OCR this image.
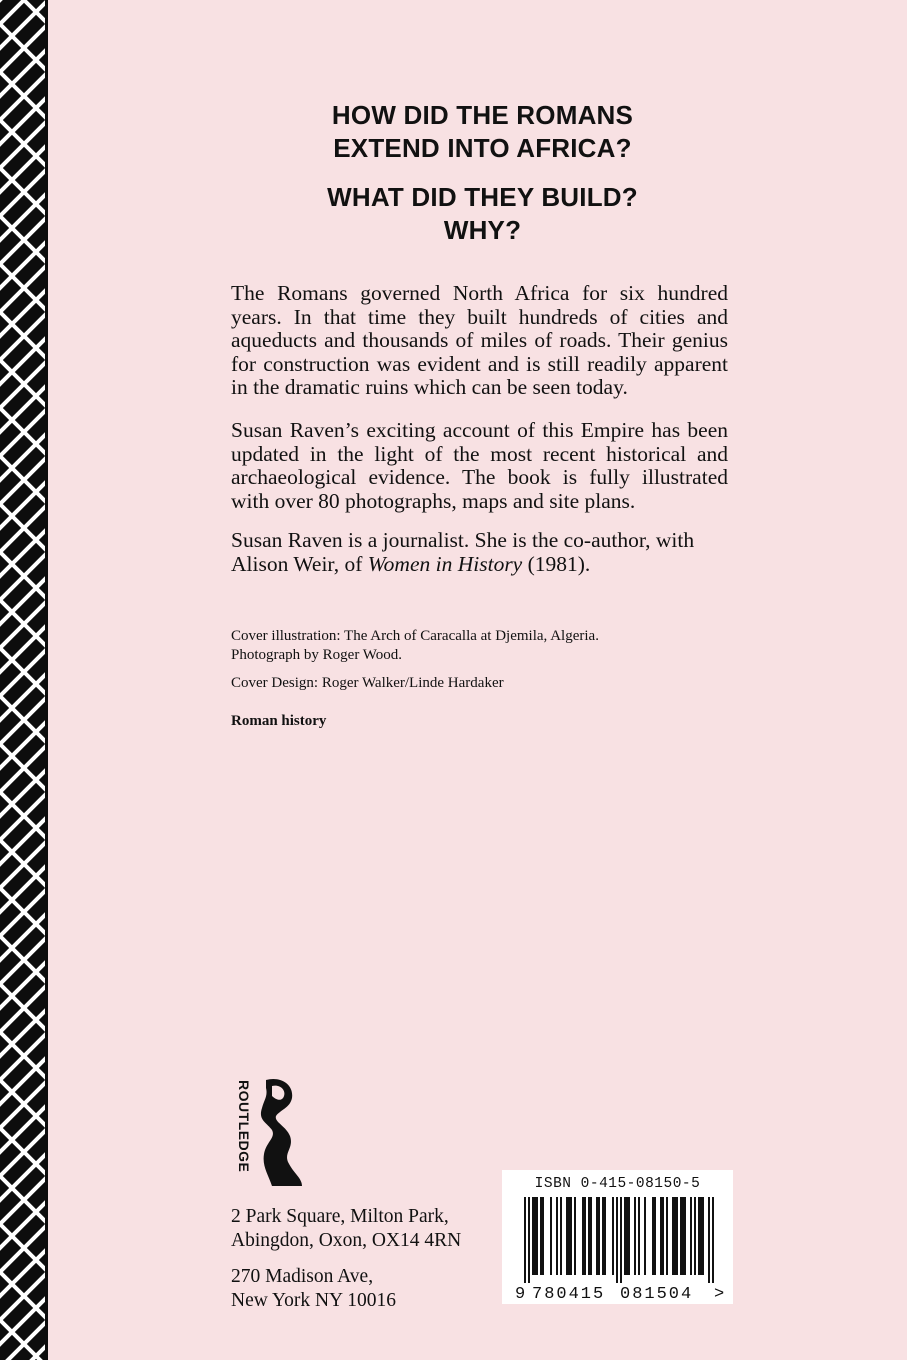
HOW DID THE ROMANS
EXTEND INTO AFRICA?
WHAT DID THEY BUILD?
WHY?
The Romans governed North Africa for six hundred years. In that time they built hundreds of cities and aqueducts and thousands of miles of roads. Their genius for construction was evident and is still readily apparent in the dramatic ruins which can be seen today.
Susan Raven’s exciting account of this Empire has been updated in the light of the most recent historical and archaeological evidence. The book is fully illustrated with over 80 photographs, maps and site plans.
Susan Raven is a journalist. She is the co-author, with Alison Weir, of Women in History (1981).
Cover illustration: The Arch of Caracalla at Djemila, Algeria.
Photograph by Roger Wood.
Cover Design: Roger Walker/Linde Hardaker
Roman history
ROUTLEDGE
2 Park Square, Milton Park,
Abingdon, Oxon, OX14 4RN
270 Madison Ave,
New York NY 10016
ISBN 0-415-08150-5
9 780415 081504 >
